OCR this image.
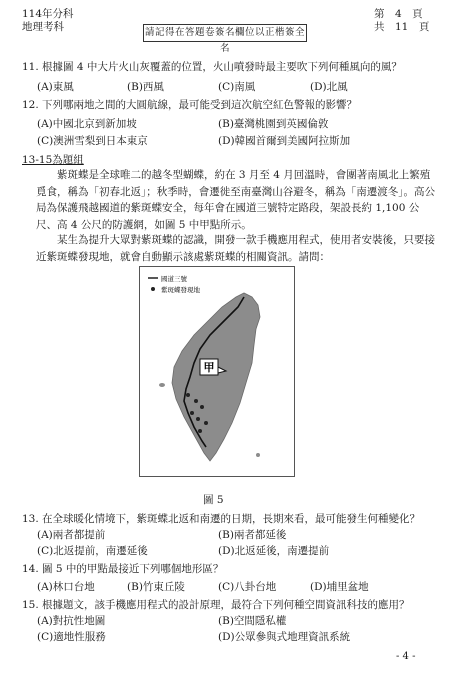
114年分科
地理考科	請記得在答題卷簽名欄位以正楷簽全名
第　4　頁
共　11　頁
11. 根據圖 4 中大片火山灰覆蓋的位置，火山噴發時最主要吹下列何種風向的風？
(A)東風	(B)西風	(C)南風	(D)北風
12. 下列哪兩地之間的大圓航線，最可能受到這次航空紅色警報的影響？
(A)中國北京到新加坡	(B)臺灣桃園到英國倫敦
(C)澳洲雪梨到日本東京	(D)韓國首爾到美國阿拉斯加
13-15為題組
紫斑蝶是全球唯二的越冬型蝴蝶，約在 3 月至 4 月回溫時，會團著南風北上繁殖覓食，稱為「初春北返」；秋季時，會遷徙至南臺灣山谷避冬，稱為「南遷渡冬」。高公局為保護飛越國道的紫斑蝶安全，每年會在國道三號特定路段，架設長約 1,100 公尺、高 4 公尺的防護網，如圖 5 中甲點所示。
某生為提升大眾對紫斑蝶的認識，開發一款手機應用程式，使用者安裝後，只要接近紫斑蝶發現地，就會自動顯示該處紫斑蝶的相關資訊。請問：
甲
國道三號
紫斑蝶發現地
圖 5
13. 在全球暖化情境下，紫斑蝶北返和南遷的日期，長期來看，最可能發生何種變化？
(A)兩者都提前	(B)兩者都延後
(C)北返提前，南遷延後	(D)北返延後，南遷提前
14. 圖 5 中的甲點最接近下列哪個地形區？
(A)林口台地	(B)竹東丘陵	(C)八卦台地	(D)埔里盆地
15. 根據題文，該手機應用程式的設計原理，最符合下列何種空間資訊科技的應用？
(A)對抗性地圖	(B)空間隱私權
(C)適地性服務	(D)公眾參與式地理資訊系統
- 4 -
